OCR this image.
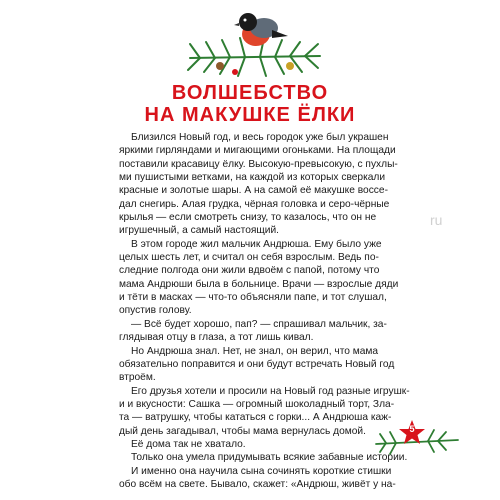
ВОЛШЕБСТВО
НА МАКУШКЕ ЁЛКИ
Близился Новый год, и весь городок уже был украшен
яркими гирляндами и мигающими огоньками. На площади
поставили красавицу ёлку. Высокую-превысокую, с пухлы-
ми пушистыми ветками, на каждой из которых сверкали
красные и золотые шары. А на самой её макушке воссе-
дал снегирь. Алая грудка, чёрная головка и серо-чёрные
крылья — если смотреть снизу, то казалось, что он не
игрушечный, а самый настоящий.
В этом городе жил мальчик Андрюша. Ему было уже
целых шесть лет, и считал он себя взрослым. Ведь по-
следние полгода они жили вдвоём с папой, потому что
мама Андрюши была в больнице. Врачи — взрослые дяди
и тёти в масках — что-то объясняли папе, и тот слушал,
опустив голову.
— Всё будет хорошо, пап? — спрашивал мальчик, за-
глядывая отцу в глаза, а тот лишь кивал.
Но Андрюша знал. Нет, не знал, он верил, что мама
обязательно поправится и они будут встречать Новый год
втроём.
Его друзья хотели и просили на Новый год разные игрушк-
и и вкусности: Сашка — огромный шоколадный торт, Зла-
та — ватрушку, чтобы кататься с горки... А Андрюша каж-
дый день загадывал, чтобы мама вернулась домой.
Её дома так не хватало.
Только она умела придумывать всякие забавные истории.
И именно она научила сына сочинять короткие стишки
обо всём на свете. Бывало, скажет: «Андрюш, живёт у на-
ru
5
